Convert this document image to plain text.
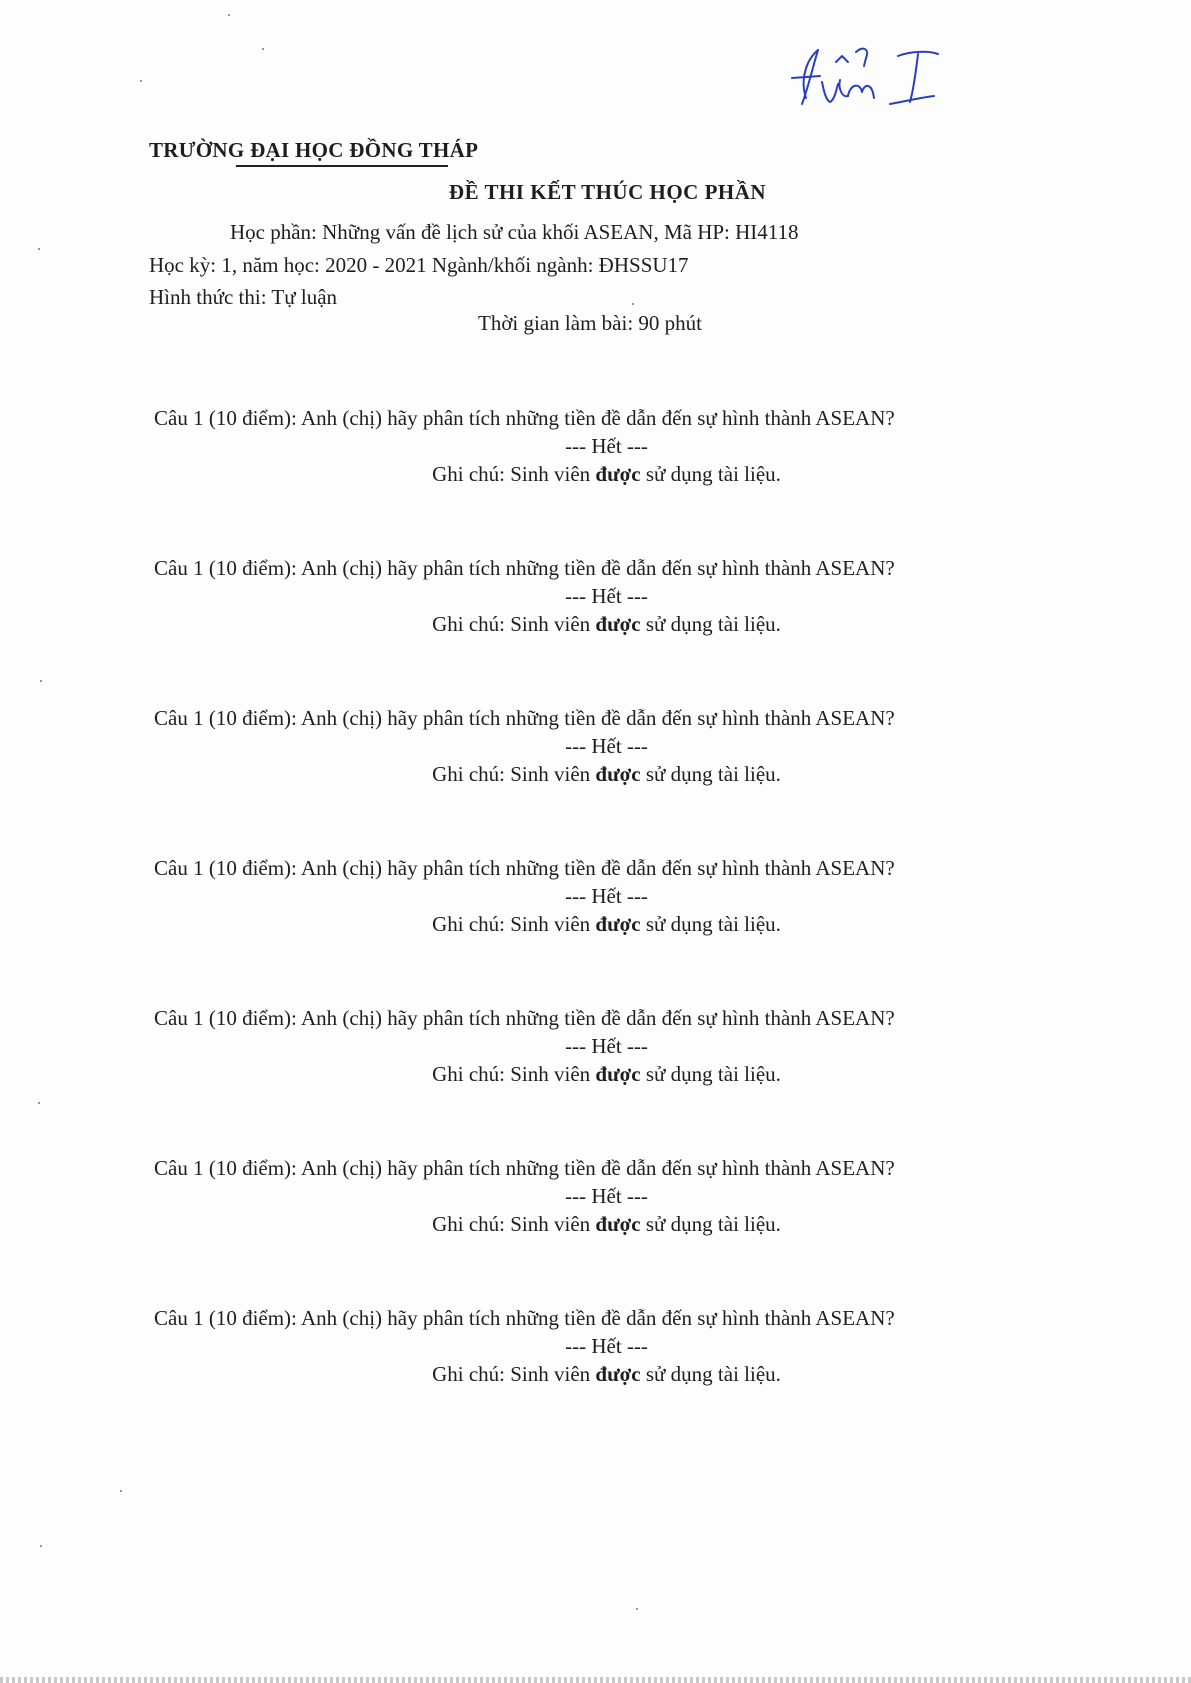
TRƯỜNG ĐẠI HỌC ĐỒNG THÁP
ĐỀ THI KẾT THÚC HỌC PHẦN
Học phần: Những vấn đề lịch sử của khối ASEAN, Mã HP: HI4118
Học kỳ: 1, năm học: 2020 - 2021 Ngành/khối ngành: ĐHSSU17
Hình thức thi: Tự luận
Thời gian làm bài: 90 phút
Câu 1 (10 điểm): Anh (chị) hãy phân tích những tiền đề dẫn đến sự hình thành ASEAN?
--- Hết ---
Ghi chú: Sinh viên được sử dụng tài liệu.
Câu 1 (10 điểm): Anh (chị) hãy phân tích những tiền đề dẫn đến sự hình thành ASEAN?
--- Hết ---
Ghi chú: Sinh viên được sử dụng tài liệu.
Câu 1 (10 điểm): Anh (chị) hãy phân tích những tiền đề dẫn đến sự hình thành ASEAN?
--- Hết ---
Ghi chú: Sinh viên được sử dụng tài liệu.
Câu 1 (10 điểm): Anh (chị) hãy phân tích những tiền đề dẫn đến sự hình thành ASEAN?
--- Hết ---
Ghi chú: Sinh viên được sử dụng tài liệu.
Câu 1 (10 điểm): Anh (chị) hãy phân tích những tiền đề dẫn đến sự hình thành ASEAN?
--- Hết ---
Ghi chú: Sinh viên được sử dụng tài liệu.
Câu 1 (10 điểm): Anh (chị) hãy phân tích những tiền đề dẫn đến sự hình thành ASEAN?
--- Hết ---
Ghi chú: Sinh viên được sử dụng tài liệu.
Câu 1 (10 điểm): Anh (chị) hãy phân tích những tiền đề dẫn đến sự hình thành ASEAN?
--- Hết ---
Ghi chú: Sinh viên được sử dụng tài liệu.
